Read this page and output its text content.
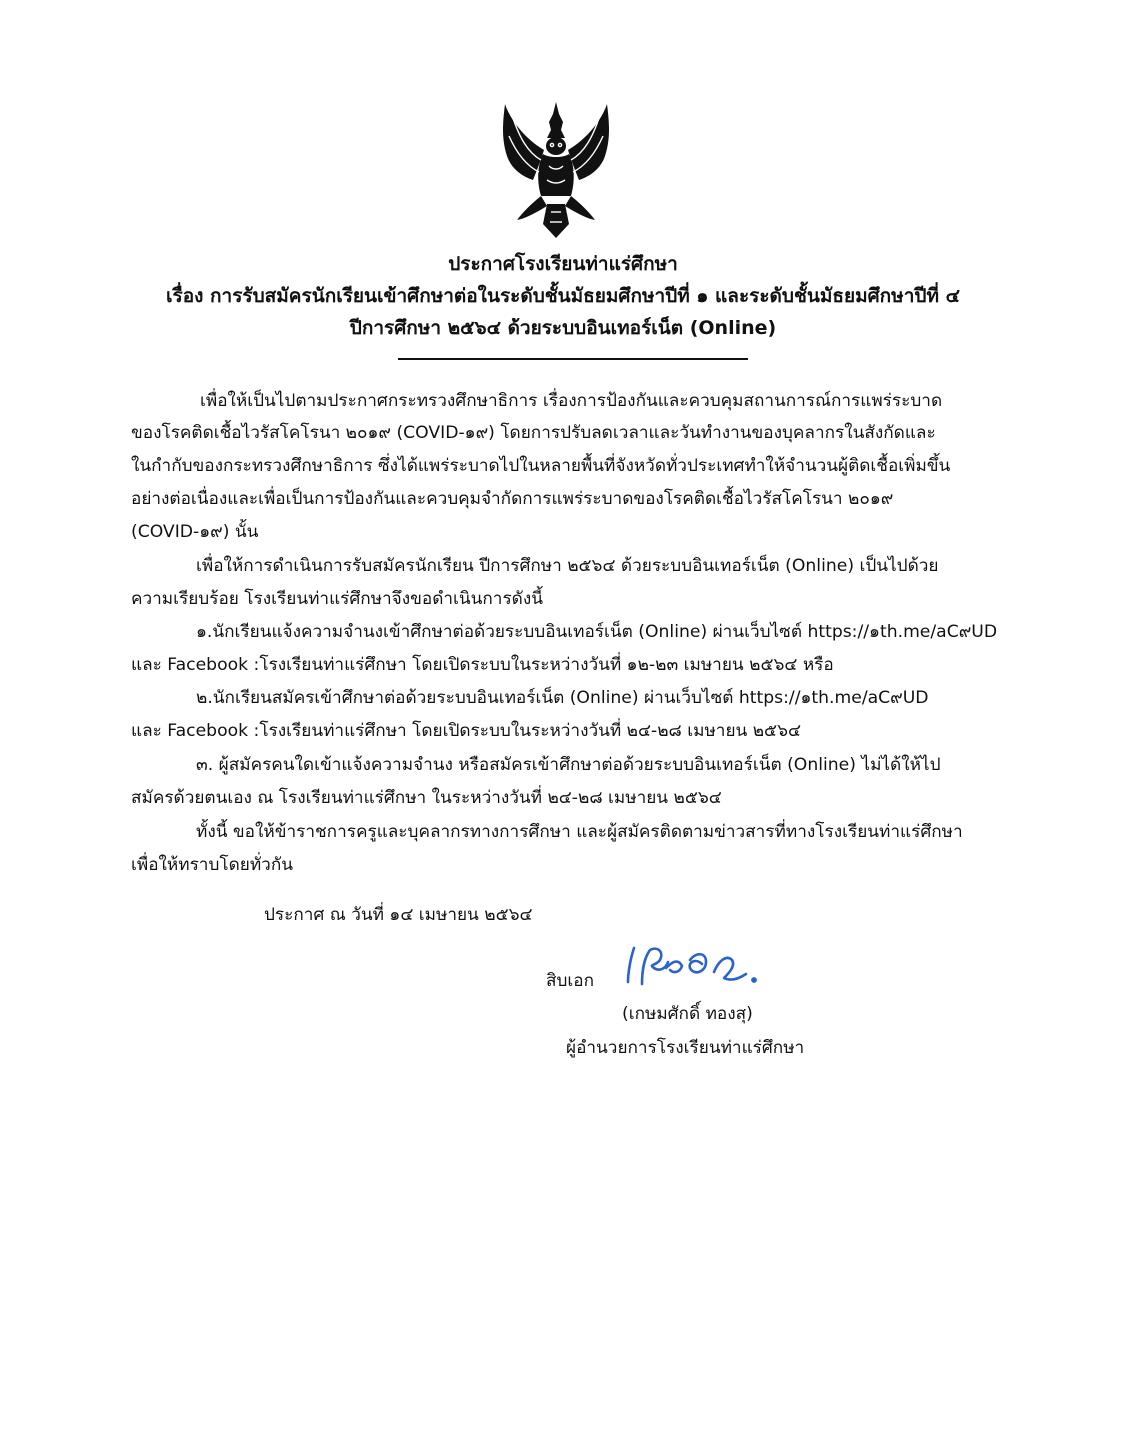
ประกาศโรงเรียนท่าแร่ศึกษา
เรื่อง การรับสมัครนักเรียนเข้าศึกษาต่อในระดับชั้นมัธยมศึกษาปีที่ ๑ และระดับชั้นมัธยมศึกษาปีที่ ๔
ปีการศึกษา ๒๕๖๔ ด้วยระบบอินเทอร์เน็ต (Online)
เพื่อให้เป็นไปตามประกาศกระทรวงศึกษาธิการ เรื่องการป้องกันและควบคุมสถานการณ์การแพร่ระบาด
ของโรคติดเชื้อไวรัสโคโรนา ๒๐๑๙ (COVID-๑๙) โดยการปรับลดเวลาและวันทำงานของบุคลากรในสังกัดและ
ในกำกับของกระทรวงศึกษาธิการ ซึ่งได้แพร่ระบาดไปในหลายพื้นที่จังหวัดทั่วประเทศทำให้จำนวนผู้ติดเชื้อเพิ่มขึ้น
อย่างต่อเนื่องและเพื่อเป็นการป้องกันและควบคุมจำกัดการแพร่ระบาดของโรคติดเชื้อไวรัสโคโรนา ๒๐๑๙
(COVID-๑๙) นั้น
เพื่อให้การดำเนินการรับสมัครนักเรียน ปีการศึกษา ๒๕๖๔ ด้วยระบบอินเทอร์เน็ต (Online) เป็นไปด้วย
ความเรียบร้อย โรงเรียนท่าแร่ศึกษาจึงขอดำเนินการดังนี้
๑.นักเรียนแจ้งความจำนงเข้าศึกษาต่อด้วยระบบอินเทอร์เน็ต (Online) ผ่านเว็บไซต์ https://๑th.me/aC๙UD
และ Facebook :โรงเรียนท่าแร่ศึกษา โดยเปิดระบบในระหว่างวันที่ ๑๒-๒๓ เมษายน ๒๕๖๔ หรือ
๒.นักเรียนสมัครเข้าศึกษาต่อด้วยระบบอินเทอร์เน็ต (Online) ผ่านเว็บไซต์ https://๑th.me/aC๙UD
และ Facebook :โรงเรียนท่าแร่ศึกษา โดยเปิดระบบในระหว่างวันที่ ๒๔-๒๘ เมษายน ๒๕๖๔
๓. ผู้สมัครคนใดเข้าแจ้งความจำนง หรือสมัครเข้าศึกษาต่อด้วยระบบอินเทอร์เน็ต (Online) ไม่ได้ให้ไป
สมัครด้วยตนเอง ณ โรงเรียนท่าแร่ศึกษา ในระหว่างวันที่ ๒๔-๒๘ เมษายน ๒๕๖๔
ทั้งนี้ ขอให้ข้าราชการครูและบุคลากรทางการศึกษา และผู้สมัครติดตามข่าวสารที่ทางโรงเรียนท่าแร่ศึกษา
เพื่อให้ทราบโดยทั่วกัน
ประกาศ ณ วันที่ ๑๔ เมษายน ๒๕๖๔
สิบเอก
(เกษมศักดิ์ ทองสุ)
ผู้อำนวยการโรงเรียนท่าแร่ศึกษา
